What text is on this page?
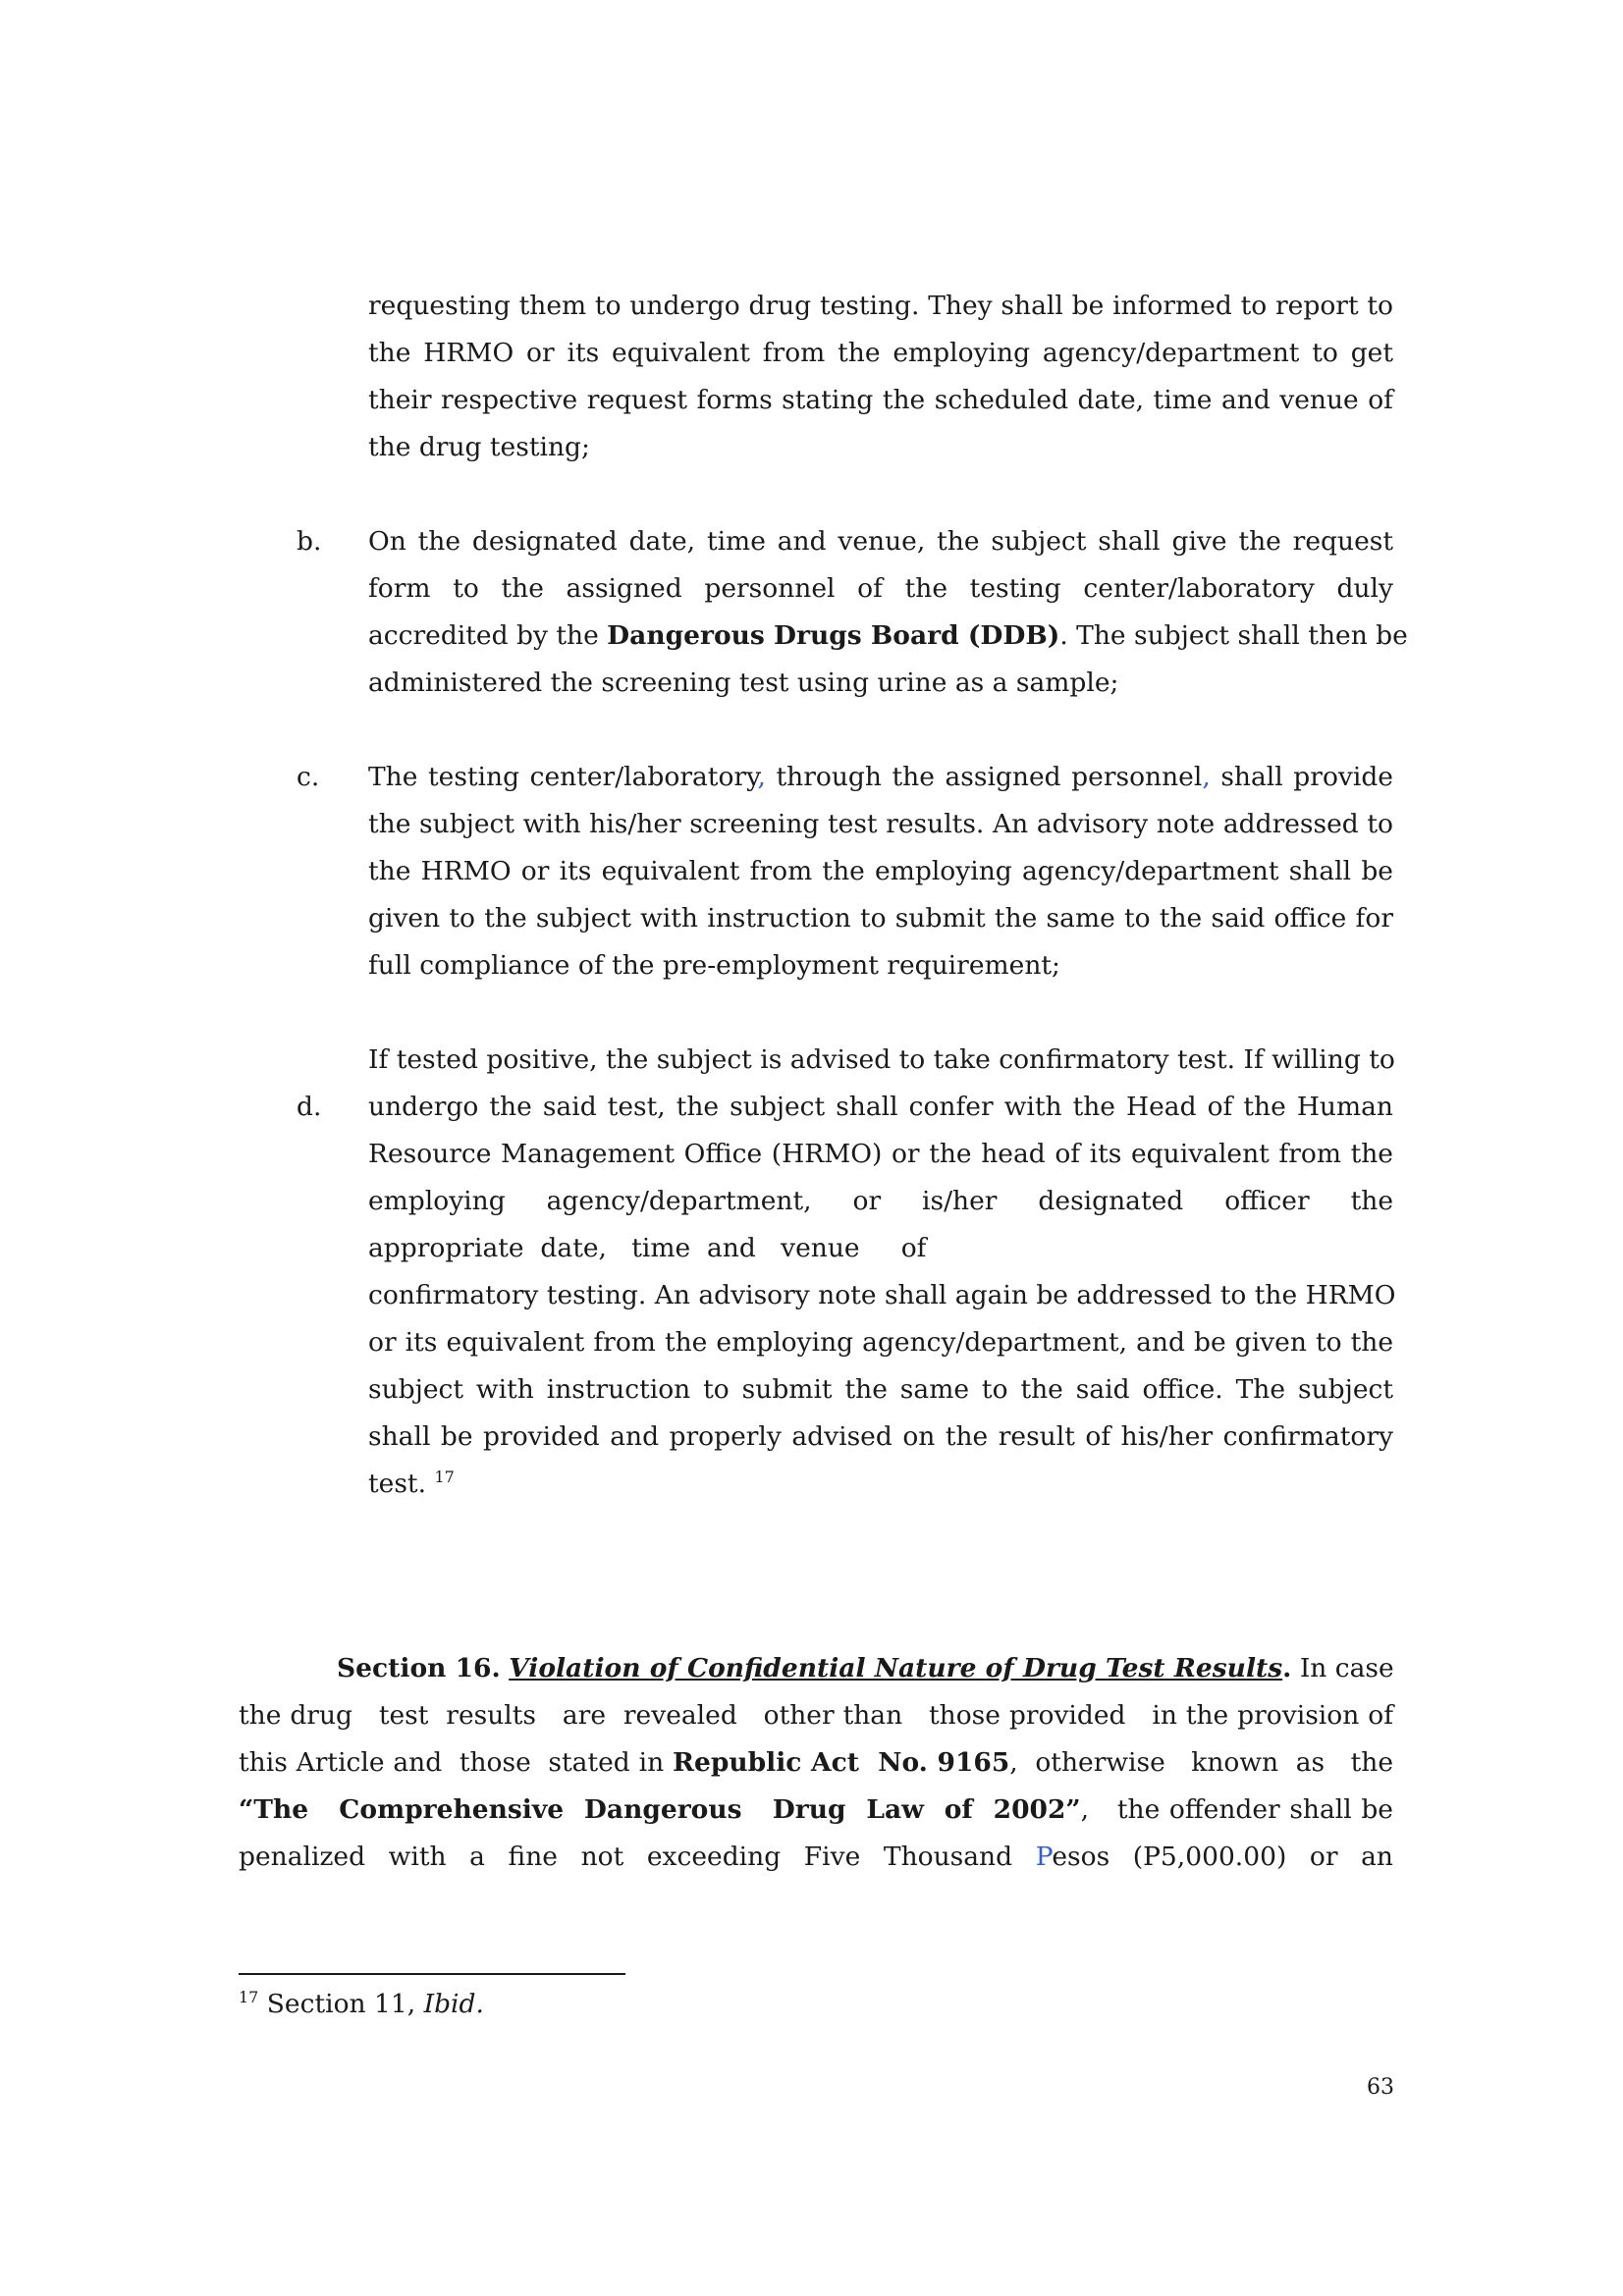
requesting them to undergo drug testing. They shall be informed to report to
the HRMO or its equivalent from the employing agency/department to get
their respective request forms stating the scheduled date, time and venue of
the drug testing;
b. On the designated date, time and venue, the subject shall give the request
form to the assigned personnel of the testing center/laboratory duly
accredited by the Dangerous Drugs Board (DDB). The subject shall then be
administered the screening test using urine as a sample;
c. The testing center/laboratory, through the assigned personnel, shall provide
the subject with his/her screening test results. An advisory note addressed to
the HRMO or its equivalent from the employing agency/department shall be
given to the subject with instruction to submit the same to the said office for
full compliance of the pre-employment requirement;
d.
If tested positive, the subject is advised to take confirmatory test. If willing to
undergo the said test, the subject shall confer with the Head of the Human
Resource Management Office (HRMO) or the head of its equivalent from the
employing agency/department, or is/her designated officer the
appropriate  date,   time  and   venue     of
confirmatory testing. An advisory note shall again be addressed to the HRMO
or its equivalent from the employing agency/department, and be given to the
subject with instruction to submit the same to the said office. The subject
shall be provided and properly advised on the result of his/her confirmatory
test. $^{17}$
Section 16. Violation of Confidential Nature of Drug Test Results. In case
the drug   test  results   are  revealed   other than   those provided   in the provision of
this Article and  those  stated in Republic Act  No. 9165,  otherwise   known  as   the
“The   Comprehensive  Dangerous   Drug  Law  of  2002”,   the offender shall be
penalized  with  a  fine  not  exceeding  Five  Thousand  Pesos  (P5,000.00)  or  an

$^{17}$ Section 11, Ibid.

63
